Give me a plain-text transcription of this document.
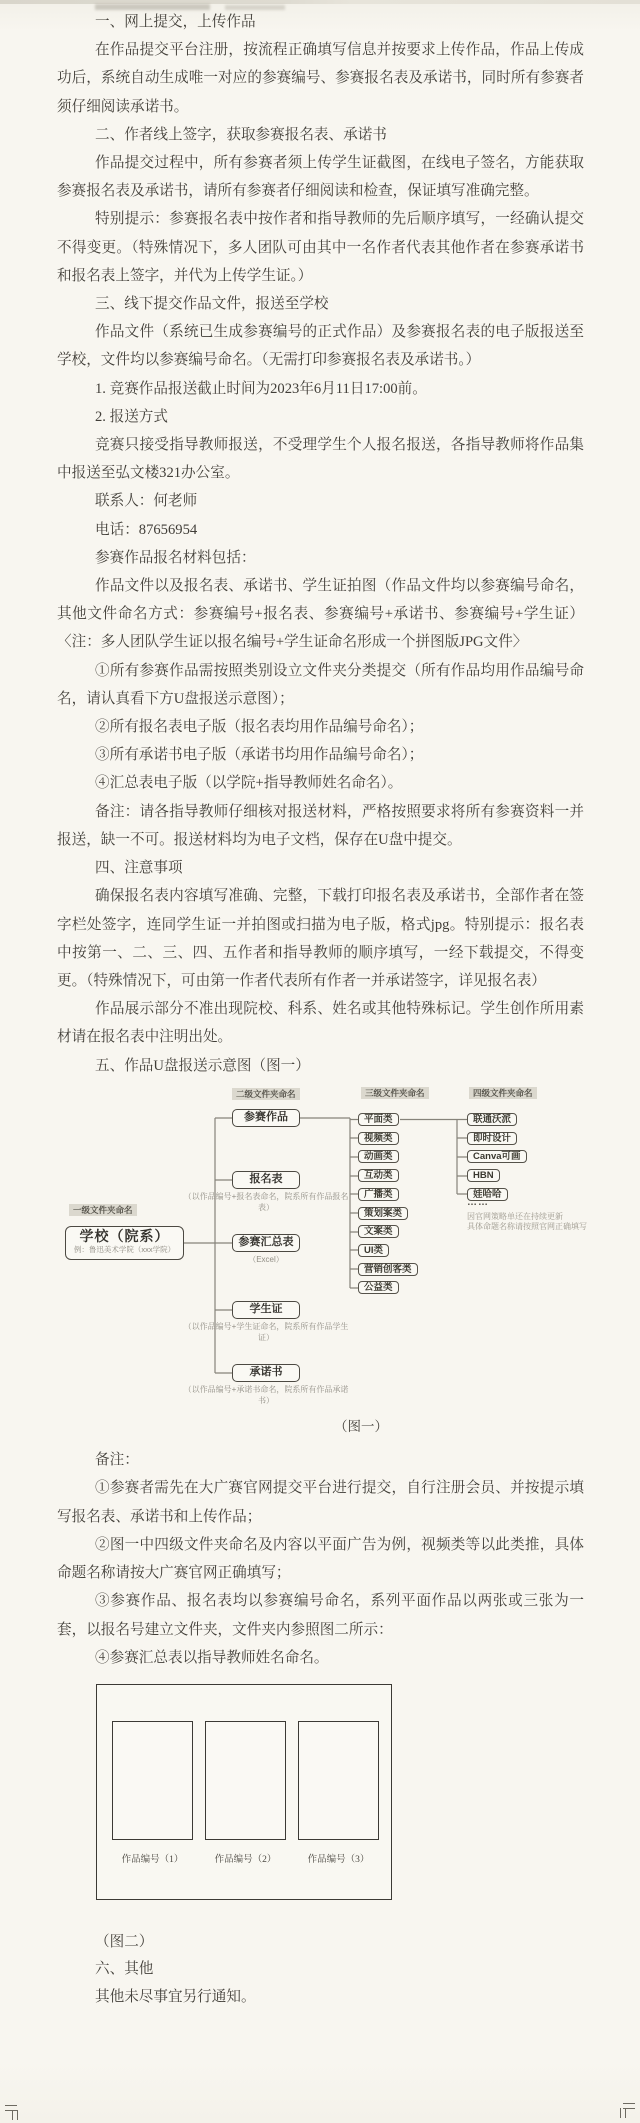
一、网上提交，上传作品

在作品提交平台注册，按流程正确填写信息并按要求上传作品，作品上传成功后，系统自动生成唯一对应的参赛编号、参赛报名表及承诺书，同时所有参赛者须仔细阅读承诺书。

二、作者线上签字，获取参赛报名表、承诺书

作品提交过程中，所有参赛者须上传学生证截图，在线电子签名，方能获取参赛报名表及承诺书，请所有参赛者仔细阅读和检查，保证填写准确完整。

特别提示：参赛报名表中按作者和指导教师的先后顺序填写，一经确认提交不得变更。（特殊情况下，多人团队可由其中一名作者代表其他作者在参赛承诺书和报名表上签字，并代为上传学生证。）

三、线下提交作品文件，报送至学校

作品文件（系统已生成参赛编号的正式作品）及参赛报名表的电子版报送至学校，文件均以参赛编号命名。（无需打印参赛报名表及承诺书。）

1. 竞赛作品报送截止时间为2023年6月11日17:00前。

2. 报送方式

竞赛只接受指导教师报送，不受理学生个人报名报送，各指导教师将作品集中报送至弘文楼321办公室。

联系人：何老师

电话：87656954

参赛作品报名材料包括：

作品文件以及报名表、承诺书、学生证拍图（作品文件均以参赛编号命名，其他文件命名方式：参赛编号+报名表、参赛编号+承诺书、参赛编号+学生证）〈注：多人团队学生证以报名编号+学生证命名形成一个拼图版JPG文件〉

①所有参赛作品需按照类别设立文件夹分类提交（所有作品均用作品编号命名，请认真看下方U盘报送示意图）；

②所有报名表电子版（报名表均用作品编号命名）；

③所有承诺书电子版（承诺书均用作品编号命名）；

④汇总表电子版（以学院+指导教师姓名命名）。

备注：请各指导教师仔细核对报送材料，严格按照要求将所有参赛资料一并报送，缺一不可。报送材料均为电子文档，保存在U盘中提交。

四、注意事项

确保报名表内容填写准确、完整，下载打印报名表及承诺书，全部作者在签字栏处签字，连同学生证一并拍图或扫描为电子版，格式jpg。特别提示：报名表中按第一、二、三、四、五作者和指导教师的顺序填写，一经下载提交，不得变更。（特殊情况下，可由第一作者代表所有作者一并承诺签字，详见报名表）

作品展示部分不准出现院校、科系、姓名或其他特殊标记。学生创作所用素材请在报名表中注明出处。

五、作品U盘报送示意图（图一）

一级文件夹命名
二级文件夹命名	三级文件夹命名	四级文件夹命名
学校（院系）
例：鲁迅美术学院（xxx学院）
参赛作品
报名表
（以作品编号+报名表命名，院系所有作品报名表）
参赛汇总表
（Excel）
学生证
（以作品编号+学生证命名，院系所有作品学生证）
承诺书
（以作品编号+承诺书命名，院系所有作品承诺书）
平面类
视频类
动画类
互动类
广播类
策划案类
文案类
UI类
营销创客类
公益类
联通沃派
即时设计
Canva可画
HBN
娃哈哈
……
因官网策略单还在持续更新
具体命题名称请按照官网正确填写
（图一）

备注：

①参赛者需先在大广赛官网提交平台进行提交，自行注册会员、并按提示填写报名表、承诺书和上传作品；

②图一中四级文件夹命名及内容以平面广告为例，视频类等以此类推，具体命题名称请按大广赛官网正确填写；

③参赛作品、报名表均以参赛编号命名，系列平面作品以两张或三张为一套，以报名号建立文件夹，文件夹内参照图二所示：

④参赛汇总表以指导教师姓名命名。

作品编号（1）	作品编号（2）	作品编号（3）

（图二）

六、其他

其他未尽事宜另行通知。
